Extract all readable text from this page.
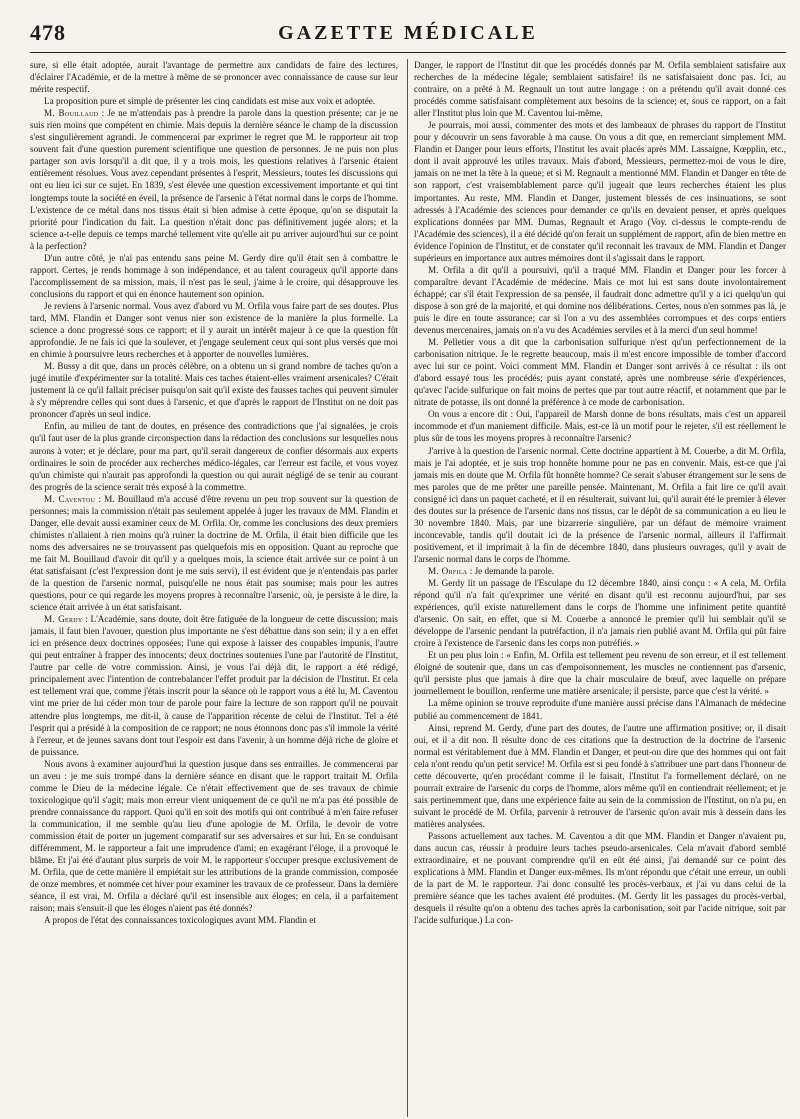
478	GAZETTE MÉDICALE

sure, si elle était adoptée, aurait l'avantage de permettre aux candidats de faire des lectures, d'éclairer l'Académie, et de la mettre à même de se prononcer avec connaissance de cause sur leur mérite respectif.

La proposition pure et simple de présenter les cinq candidats est mise aux voix et adoptée.

M. Bouillaud : Je ne m'attendais pas à prendre la parole dans la question présente; car je ne suis rien moins que compétent en chimie. Mais depuis la dernière séance le champ de la discussion s'est singulièrement agrandi. Je commencerai par exprimer le regret que M. le rapporteur ait trop souvent fait d'une question purement scientifique une question de personnes. Je ne puis non plus partager son avis lorsqu'il a dit que, il y a trois mois, les questions relatives à l'arsenic étaient entièrement résolues. Vous avez cependant présentes à l'esprit, Messieurs, toutes les discussions qui ont eu lieu ici sur ce sujet. En 1839, s'est élevée une question excessivement importante et qui tint longtemps toute la société en éveil, la présence de l'arsenic à l'état normal dans le corps de l'homme. L'existence de ce métal dans nos tissus était si bien admise à cette époque, qu'on se disputait la priorité pour l'indication du fait. La question n'était donc pas définitivement jugée alors; et la science a-t-elle depuis ce temps marché tellement vite qu'elle ait pu arriver aujourd'hui sur ce point à la perfection?

D'un autre côté, je n'ai pas entendu sans peine M. Gerdy dire qu'il était sen à combattre le rapport. Certes, je rends hommage à son indépendance, et au talent courageux qu'il apporte dans l'accomplissement de sa mission, mais, il n'est pas le seul, j'aime à le croire, qui désapprouve les conclusions du rapport et qui en énonce hautement son opinion.

Je reviens à l'arsenic normal. Vous avez d'abord vu M. Orfila vous faire part de ses doutes. Plus tard, MM. Flandin et Danger sont venus nier son existence de la manière la plus formelle. La science a donc progressé sous ce rapport; et il y aurait un intérêt majeur à ce que la question fût approfondie. Je ne fais ici que la soulever, et j'engage seulement ceux qui sont plus versés que moi en chimie à poursuivre leurs recherches et à apporter de nouvelles lumières.

M. Bussy a dit que, dans un procès célèbre, on a obtenu un si grand nombre de taches qu'on a jugé inutile d'expérimenter sur la totalité. Mais ces taches étaient-elles vraiment arsenicales? C'était justement là ce qu'il fallait préciser puisqu'on sait qu'il existe des fausses taches qui peuvent simuler à s'y méprendre celles qui sont dues à l'arsenic, et que d'après le rapport de l'Institut on ne doit pas prononcer d'après un seul indice.

Enfin, au milieu de tant de doutes, en présence des contradictions que j'ai signalées, je crois qu'il faut user de la plus grande circonspection dans la rédaction des conclusions sur lesquelles nous aurons à voter; et je déclare, pour ma part, qu'il serait dangereux de confier désormais aux experts ordinaires le soin de procéder aux recherches médico-légales, car l'erreur est facile, et vous voyez qu'un chimiste qui n'aurait pas approfondi la question ou qui aurait négligé de se tenir au courant des progrès de la science serait très exposé à la commettre.

M. Caventou : M. Bouillaud m'a accusé d'être revenu un peu trop souvent sur la question de personnes; mais la commission n'était pas seulement appelée à juger les travaux de MM. Flandin et Danger, elle devait aussi examiner ceux de M. Orfila. Or, comme les conclusions des deux premiers chimistes n'allaient à rien moins qu'à ruiner la doctrine de M. Orfila, il était bien difficile que les noms des adversaires ne se trouvassent pas quelquefois mis en opposition. Quant au reproche que me fait M. Bouillaud d'avoir dit qu'il y a quelques mois, la science était arrivée sur ce point à un état satisfaisant (c'est l'expression dont je me suis servi), il est évident que je n'entendais pas parler de la question de l'arsenic normal, puisqu'elle ne nous était pas soumise; mais pour les autres questions, pour ce qui regarde les moyens propres à reconnaître l'arsenic, où, je persiste à le dire, la science était arrivée à un état satisfaisant.

M. Gerdy : L'Académie, sans doute, doit être fatiguée de la longueur de cette discussion; mais jamais, il faut bien l'avouer, question plus importante ne s'est débattue dans son sein; il y a en effet ici en présence deux doctrines opposées; l'une qui expose à laisser des coupables impunis, l'autre qui peut entraîner à frapper des innocents; deux doctrines soutenues l'une par l'autorité de l'Institut, l'autre par celle de votre commission. Ainsi, je vous l'ai déjà dit, le rapport a été rédigé, principalement avec l'intention de contrebalancer l'effet produit par la décision de l'Institut. Et cela est tellement vrai que, comme j'étais inscrit pour la séance où le rapport vous a été lu, M. Caventou vint me prier de lui céder mon tour de parole pour faire la lecture de son rapport qu'il ne pouvait attendre plus longtemps, me dit-il, à cause de l'apparition récente de celui de l'Institut. Tel a été l'esprit qui a présidé à la composition de ce rapport; ne nous étonnons donc pas s'il immole la vérité à l'erreur, et de jeunes savans dont tout l'espoir est dans l'avenir, à un homme déjà riche de gloire et de puissance.

Nous avons à examiner aujourd'hui la question jusque dans ses entrailles. Je commencerai par un aveu : je me suis trompé dans la dernière séance en disant que le rapport traitait M. Orfila comme le Dieu de la médecine légale. Ce n'était effectivement que de ses travaux de chimie toxicologique qu'il s'agit; mais mon erreur vient uniquement de ce qu'il ne m'a pas été possible de prendre connaissance du rapport. Quoi qu'il en soit des motifs qui ont contribué à m'en faire refuser la communication, il me semble qu'au lieu d'une apologie de M. Orfila, le devoir de votre commission était de porter un jugement comparatif sur ses adversaires et sur lui. En se conduisant différemment, M. le rapporteur a fait une imprudence d'ami; en exagérant l'éloge, il a provoqué le blâme. Et j'ai été d'autant plus surpris de voir M. le rapporteur s'occuper presque exclusivement de M. Orfila, que de cette manière il empiétait sur les attributions de la grande commission, composée de onze membres, et nommée cet hiver pour examiner les travaux de ce professeur. Dans la dernière séance, il est vrai, M. Orfila a déclaré qu'il est insensible aux éloges; en cela, il a parfaitement raison; mais s'ensuit-il que les éloges n'aient pas été donnés?

A propos de l'état des connaissances toxicologiques avant MM. Flandin et

Danger, le rapport de l'Institut dit que les procédés donnés par M. Orfila semblaient satisfaire aux recherches de la médecine légale; semblaient satisfaire! ils ne satisfaisaient donc pas. Ici, au contraire, on a prêté à M. Regnault un tout autre langage : on a prétendu qu'il avait donné ces procédés comme satisfaisant complètement aux besoins de la science; et, sous ce rapport, on a fait aller l'Institut plus loin que M. Caventou lui-même.

Je pourrais, moi aussi, commenter des mots et des lambeaux de phrases du rapport de l'Institut pour y découvrir un sens favorable à ma cause. On vous a dit que, en remerciant simplement MM. Flandin et Danger pour leurs efforts, l'Institut les avait placés après MM. Lassaigne, Kœpplin, etc., dont il avait approuvé les utiles travaux. Mais d'abord, Messieurs, permettez-moi de vous le dire, jamais on ne met la tête à la queue; et si M. Regnault a mentionné MM. Flandin et Danger en tête de son rapport, c'est vraisemblablement parce qu'il jugeait que leurs recherches étaient les plus importantes. Au reste, MM. Flandin et Danger, justement blessés de ces insinuations, se sont adressés à l'Académie des sciences pour demander ce qu'ils en devaient penser, et après quelques explications données par MM. Dumas, Regnault et Arago (Voy. ci-dessus le compte-rendu de l'Académie des sciences), il a été décidé qu'on ferait un supplément de rapport, afin de bien mettre en évidence l'opinion de l'Institut, et de constater qu'il reconnait les travaux de MM. Flandin et Danger supérieurs en importance aux autres mémoires dont il s'agissait dans le rapport.

M. Orfila a dit qu'il a poursuivi, qu'il a traqué MM. Flandin et Danger pour les forcer à comparaître devant l'Académie de médecine. Mais ce mot lui est sans doute involontairement échappé; car s'il était l'expression de sa pensée, il faudrait donc admettre qu'il y a ici quelqu'un qui dispose à son gré de la majorité, et qui domine nos délibérations. Certes, nous n'en sommes pas là, je puis le dire en toute assurance; car si l'on a vu des assemblées corrompues et des corps entiers devenus mercenaires, jamais on n'a vu des Académies serviles et à la merci d'un seul homme!

M. Pelletier vous a dit que la carbonisation sulfurique n'est qu'un perfectionnement de la carbonisation nitrique. Je le regrette beaucoup, mais il m'est encore impossible de tomber d'accord avec lui sur ce point. Voici comment MM. Flandin et Danger sont arrivés à ce résultat : ils ont d'abord essayé tous les procédés; puis ayant constaté, après une nombreuse série d'expériences, qu'avec l'acide sulfurique on fait moins de pertes que par tout autre réactif, et notamment que par le nitrate de potasse, ils ont donné la préférence à ce mode de carbonisation.

On vous a encore dit : Oui, l'appareil de Marsh donne de bons résultats, mais c'est un appareil incommode et d'un maniement difficile. Mais, est-ce là un motif pour le rejeter, s'il est réellement le plus sûr de tous les moyens propres à reconnaître l'arsenic?

J'arrive à la question de l'arsenic normal. Cette doctrine appartient à M. Couerbe, a dit M. Orfila, mais je l'ai adoptée, et je suis trop honnête homme pour ne pas en convenir. Mais, est-ce que j'ai jamais mis en doute que M. Orfila fût honnête homme? Ce serait s'abuser étrangement sur le sens de mes paroles que de me prêter une pareille pensée. Maintenant, M. Orfila a fait lire ce qu'il avait consigné ici dans un paquet cacheté, et il en résulterait, suivant lui, qu'il aurait été le premier à élever des doutes sur la présence de l'arsenic dans nos tissus, car le dépôt de sa communication a eu lieu le 30 novembre 1840. Mais, par une bizarrerie singulière, par un défaut de mémoire vraiment inconcevable, tandis qu'il doutait ici de la présence de l'arsenic normal, ailleurs il l'affirmait positivement, et il imprimait à la fin de décembre 1840, dans plusieurs ouvrages, qu'il y avait de l'arsenic normal dans le corps de l'homme.

M. Orfila : Je demande la parole.

M. Gerdy lit un passage de l'Esculape du 12 décembre 1840, ainsi conçu : « A cela, M. Orfila répond qu'il n'a fait qu'exprimer une vérité en disant qu'il est reconnu aujourd'hui, par ses expériences, qu'il existe naturellement dans le corps de l'homme une infiniment petite quantité d'arsenic. On sait, en effet, que si M. Couerbe a annoncé le premier qu'il lui semblait qu'il se développe de l'arsenic pendant la putréfaction, il n'a jamais rien publié avant M. Orfila qui pût faire croire à l'existence de l'arsenic dans les corps non putréfiés. »

Et un peu plus loin : « Enfin, M. Orfila est tellement peu revenu de son erreur, et il est tellement éloigné de soutenir que, dans un cas d'empoisonnement, les muscles ne contiennent pas d'arsenic, qu'il persiste plus que jamais à dire que la chair musculaire de bœuf, avec laquelle on prépare journellement le bouillon, renferme une matière arsenicale; il persiste, parce que c'est la vérité. »

La même opinion se trouve reproduite d'une manière aussi précise dans l'Almanach de médecine publié au commencement de 1841.

Ainsi, reprend M. Gerdy, d'une part des doutes, de l'autre une affirmation positive; or, il disait oui, et il a dit non. Il résulte donc de ces citations que la destruction de la doctrine de l'arsenic normal est véritablement due à MM. Flandin et Danger, et peut-on dire que des hommes qui ont fait cela n'ont rendu qu'un petit service! M. Orfila est si peu fondé à s'attribuer une part dans l'honneur de cette découverte, qu'en procédant comme il le faisait, l'Institut l'a formellement déclaré, on ne pourrait extraire de l'arsenic du corps de l'homme, alors même qu'il en contiendrait réellement; et je sais pertinemment que, dans une expérience faite au sein de la commission de l'Institut, on n'a pu, en suivant le procédé de M. Orfila, parvenir à retrouver de l'arsenic qu'on avait mis à dessein dans les matières analysées.

Passons actuellement aux taches. M. Caventou a dit que MM. Flandin et Danger n'avaient pu, dans aucun cas, réussir à produire leurs taches pseudo-arsenicales. Cela m'avait d'abord semblé extraordinaire, et ne pouvant comprendre qu'il en eût été ainsi, j'ai demandé sur ce point des explications à MM. Flandin et Danger eux-mêmes. Ils m'ont répondu que c'était une erreur, un oubli de la part de M. le rapporteur. J'ai donc consulté les procès-verbaux, et j'ai vu dans celui de la première séance que les taches avaient été produites. (M. Gerdy lit les passages du procès-verbal, desquels il résulte qu'on a obtenu des taches après la carbonisation, soit par l'acide nitrique, soit par l'acide sulfurique.) La con-
